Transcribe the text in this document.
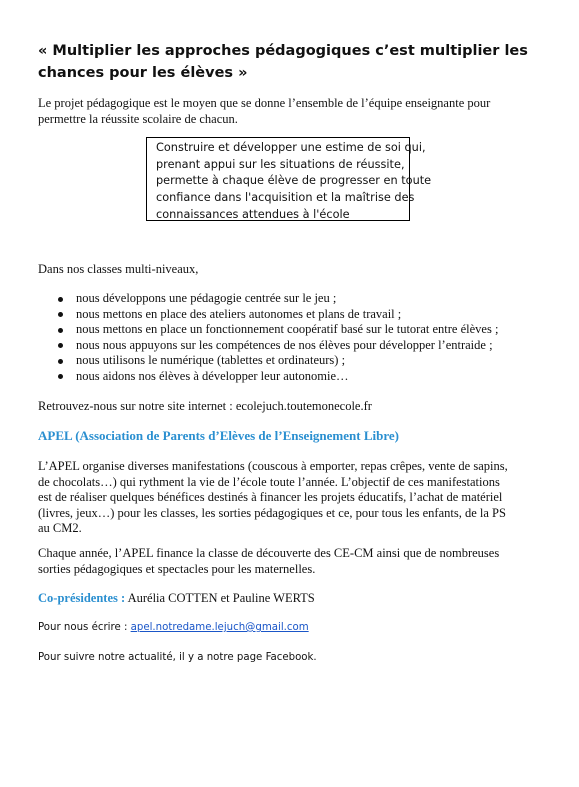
« Multiplier les approches pédagogiques c’est multiplier les
chances pour les élèves »
Le projet pédagogique est le moyen que se donne l’ensemble de l’équipe enseignante pour
permettre la réussite scolaire de chacun.
Construire et développer une estime de soi qui,
prenant appui sur les situations de réussite,
permette à chaque élève de progresser en toute
confiance dans l'acquisition et la maîtrise des
connaissances attendues à l'école
Dans nos classes multi-niveaux,
nous développons une pédagogie centrée sur le jeu ;
nous mettons en place des ateliers autonomes et plans de travail ;
nous mettons en place un fonctionnement coopératif basé sur le tutorat entre élèves ;
nous nous appuyons sur les compétences de nos élèves pour développer l’entraide ;
nous utilisons le numérique (tablettes et ordinateurs) ;
nous aidons nos élèves à développer leur autonomie…
Retrouvez-nous sur notre site internet : ecolejuch.toutemonecole.fr
APEL (Association de Parents d’Elèves de l’Enseignement Libre)
L’APEL organise diverses manifestations (couscous à emporter, repas crêpes, vente de sapins,
de chocolats…) qui rythment la vie de l’école toute l’année. L’objectif de ces manifestations
est de réaliser quelques bénéfices destinés à financer les projets éducatifs, l’achat de matériel
(livres, jeux…) pour les classes, les sorties pédagogiques et ce, pour tous les enfants, de la PS
au CM2.
Chaque année, l’APEL finance la classe de découverte des CE-CM ainsi que de nombreuses
sorties pédagogiques et spectacles pour les maternelles.
Co-présidentes : Aurélia COTTEN et Pauline WERTS
Pour nous écrire : apel.notredame.lejuch@gmail.com
Pour suivre notre actualité, il y a notre page Facebook.
